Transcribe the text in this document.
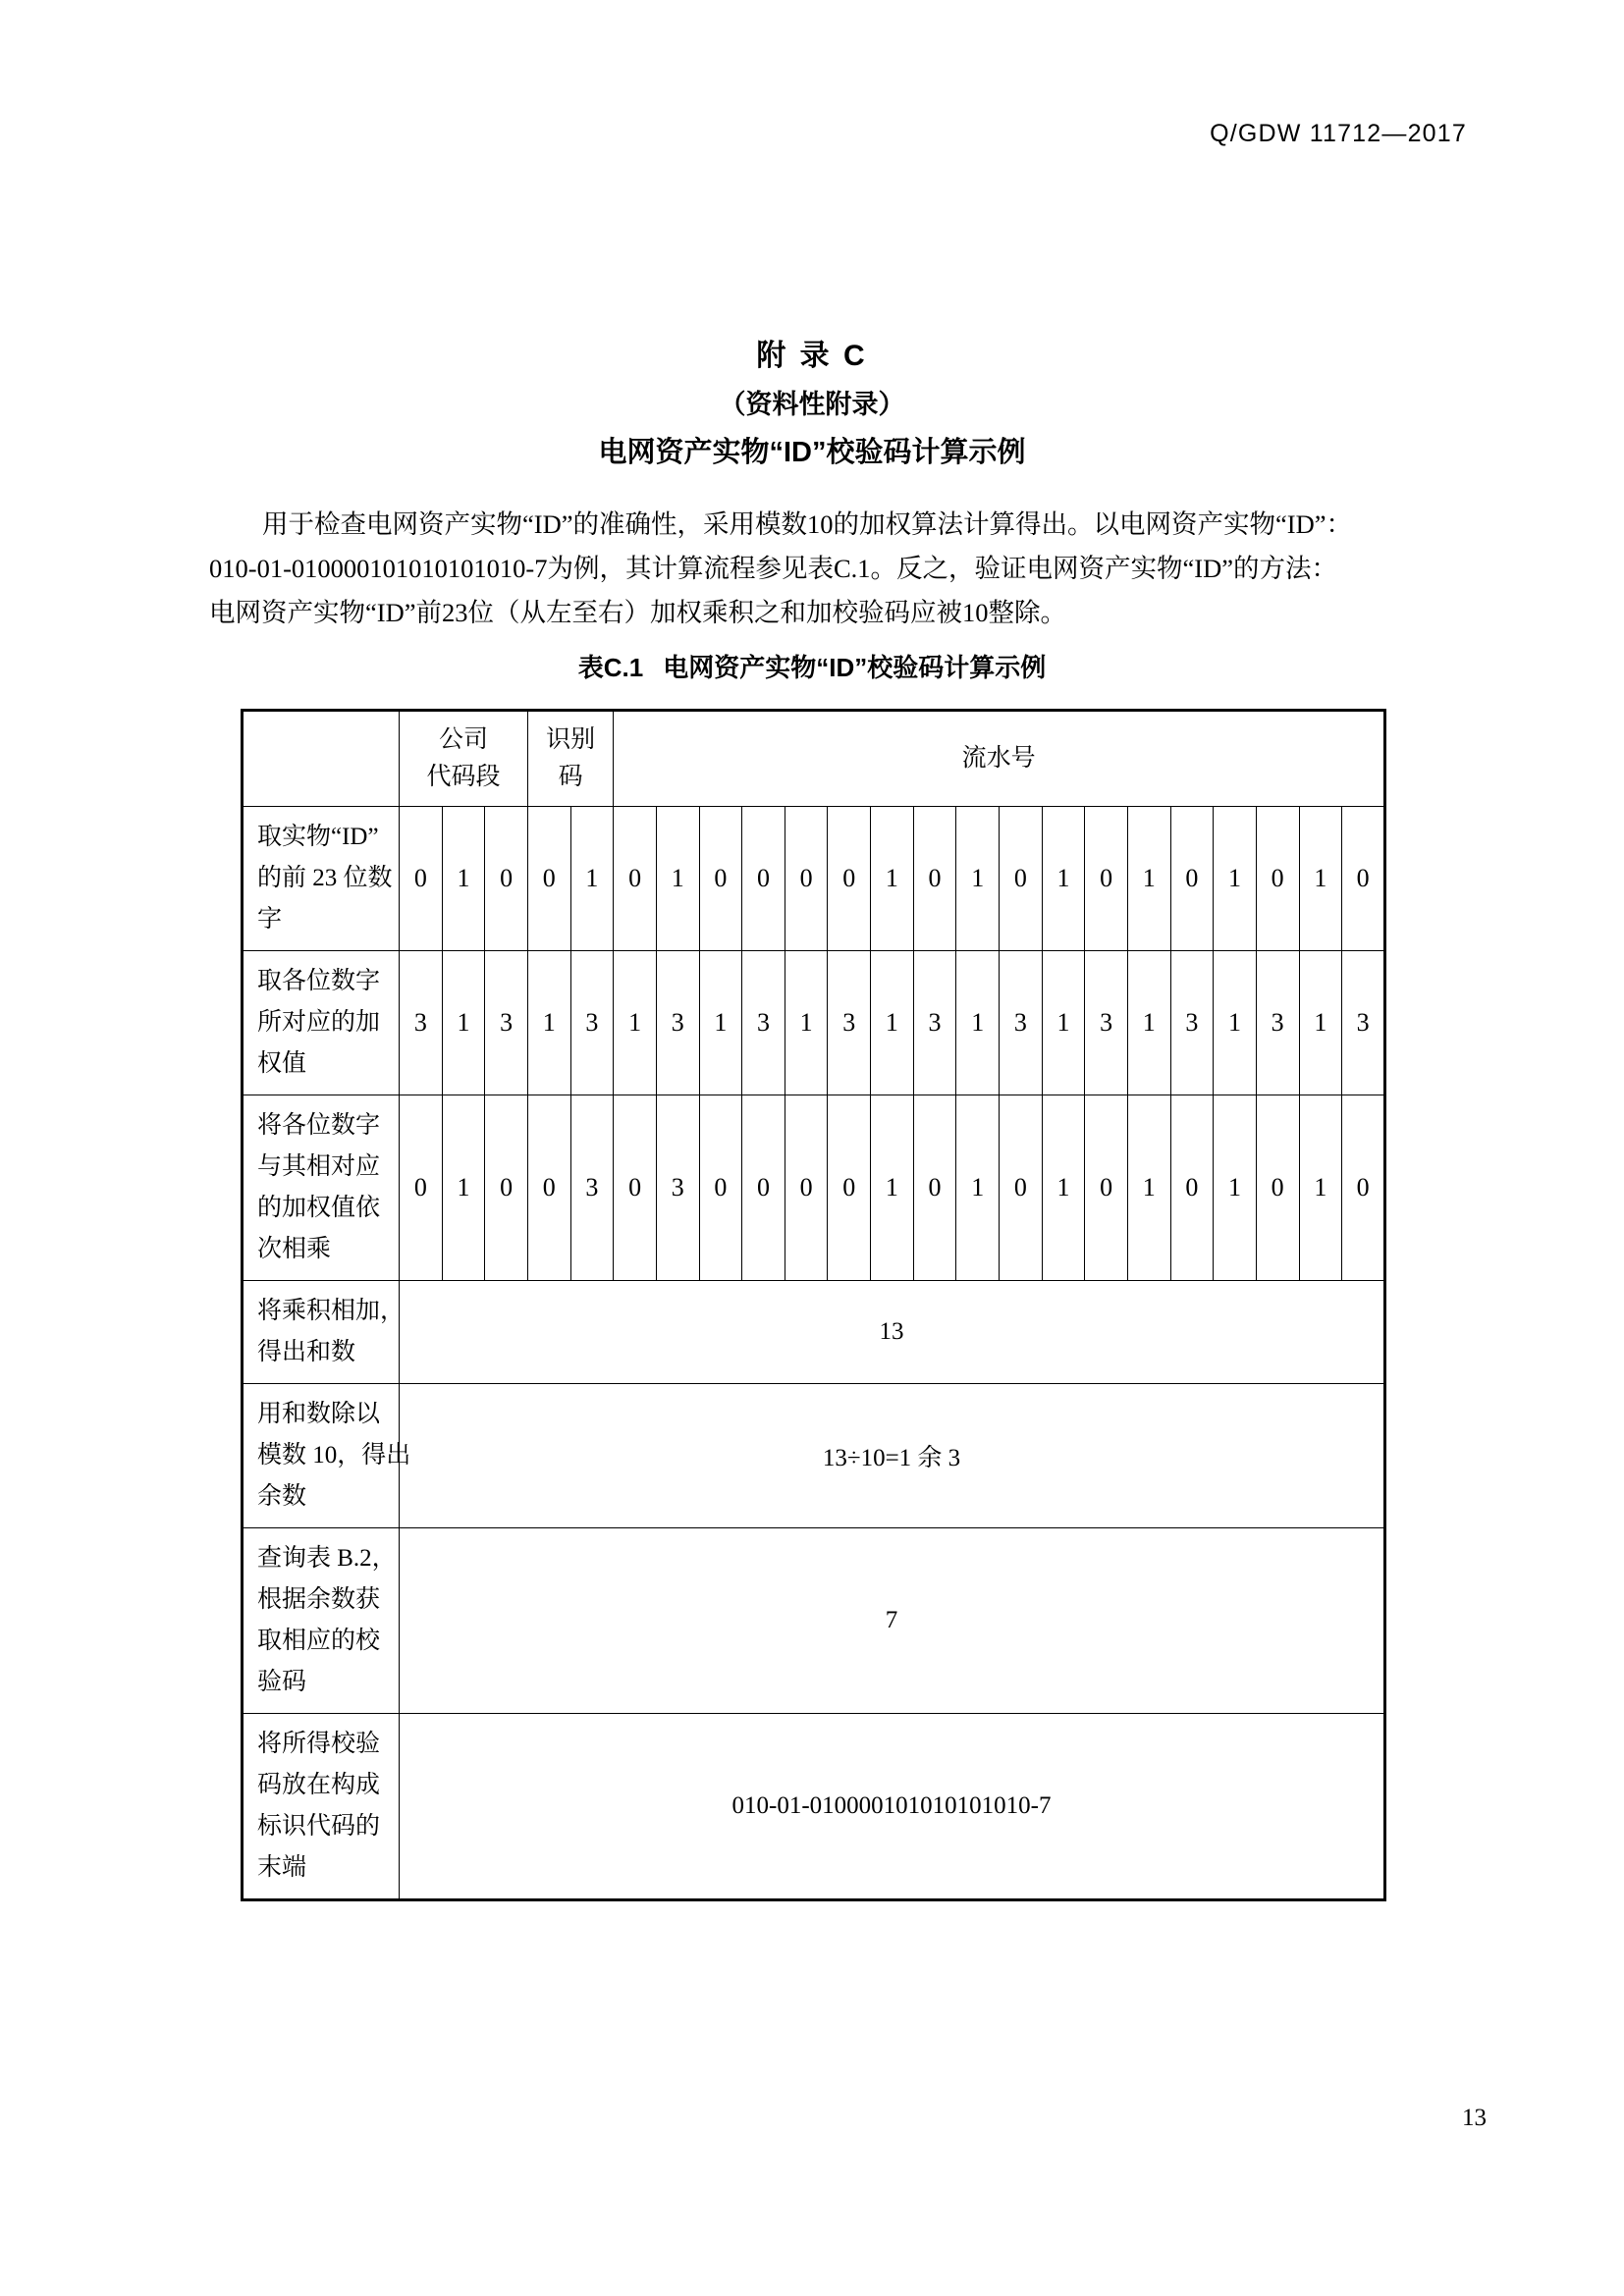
Q/GDW 11712—2017
附 录 C
（资料性附录）
电网资产实物“ID”校验码计算示例
用于检查电网资产实物“ID”的准确性，采用模数10的加权算法计算得出。以电网资产实物“ID”：
010-01-010000101010101010-7为例，其计算流程参见表C.1。反之，验证电网资产实物“ID”的方法：
电网资产实物“ID”前23位（从左至右）加权乘积之和加校验码应被10整除。
表C.1 电网资产实物“ID”校验码计算示例

	公司
代码段			识别
码		流水号																	

取实物“ID”
的前 23 位数
字	0	1	0	0	1	0	1	0	0	0	0	1	0	1	0	1	0	1	0	1	0	1	0

取各位数字
所对应的加
权值	3	1	3	1	3	1	3	1	3	1	3	1	3	1	3	1	3	1	3	1	3	1	3

将各位数字
与其相对应
的加权值依
次相乘	0	1	0	0	3	0	3	0	0	0	0	1	0	1	0	1	0	1	0	1	0	1	0

将乘积相加，
得出和数	13																						

用和数除以
模数 10，得出
余数	13÷10=1 余 3																						

查询表 B.2，
根据余数获
取相应的校
验码	7																						

将所得校验
码放在构成
标识代码的
末端	010-01-010000101010101010-7																						
13
